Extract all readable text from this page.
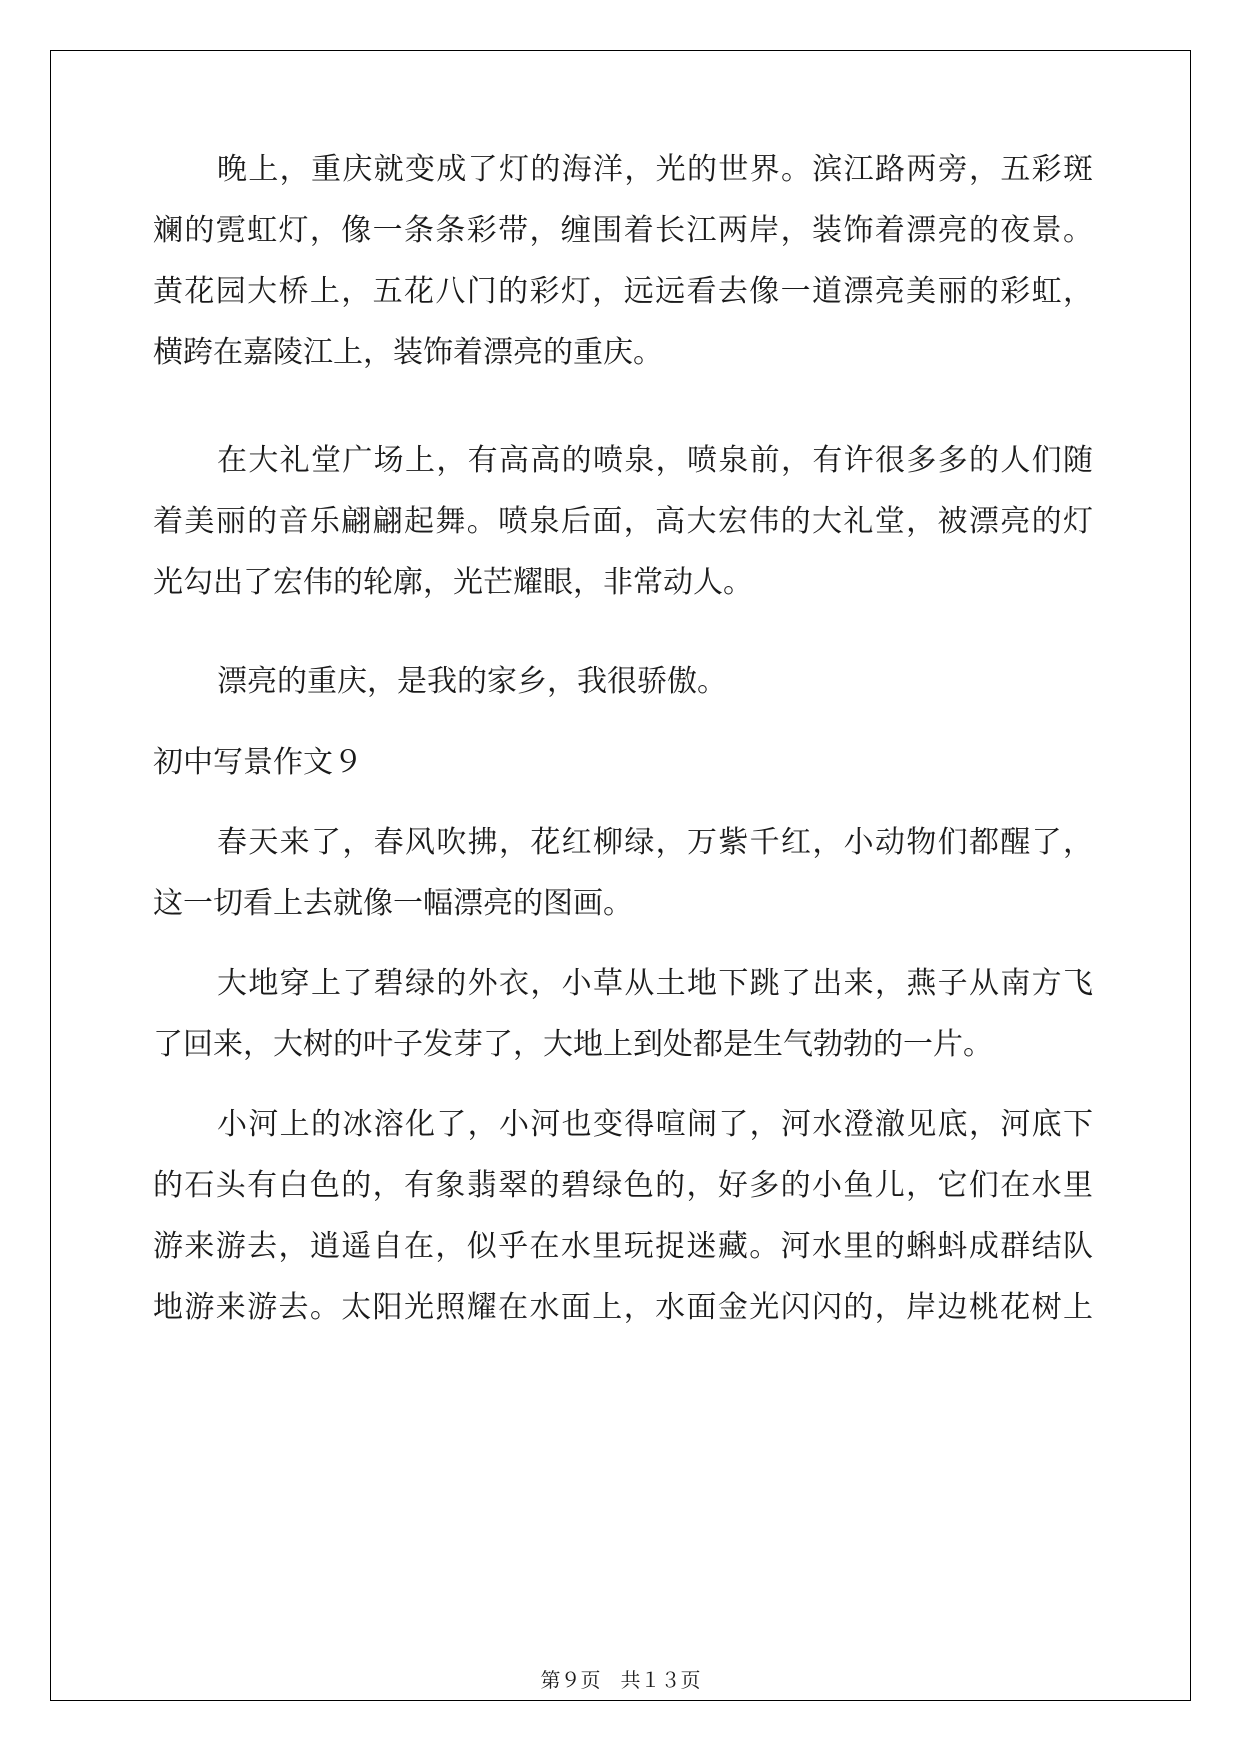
晚上，重庆就变成了灯的海洋，光的世界。滨江路两旁，五彩斑
斓的霓虹灯，像一条条彩带，缠围着长江两岸，装饰着漂亮的夜景。
黄花园大桥上，五花八门的彩灯，远远看去像一道漂亮美丽的彩虹，
横跨在嘉陵江上，装饰着漂亮的重庆。
在大礼堂广场上，有高高的喷泉，喷泉前，有许很多多的人们随
着美丽的音乐翩翩起舞。喷泉后面，高大宏伟的大礼堂，被漂亮的灯
光勾出了宏伟的轮廓，光芒耀眼，非常动人。
漂亮的重庆，是我的家乡，我很骄傲。
初中写景作文９
春天来了，春风吹拂，花红柳绿，万紫千红，小动物们都醒了，
这一切看上去就像一幅漂亮的图画。
大地穿上了碧绿的外衣，小草从土地下跳了出来，燕子从南方飞
了回来，大树的叶子发芽了，大地上到处都是生气勃勃的一片。
小河上的冰溶化了，小河也变得喧闹了，河水澄澈见底，河底下
的石头有白色的，有象翡翠的碧绿色的，好多的小鱼儿，它们在水里
游来游去，逍遥自在，似乎在水里玩捉迷藏。河水里的蝌蚪成群结队
地游来游去。太阳光照耀在水面上，水面金光闪闪的，岸边桃花树上
第９页　共１３页
